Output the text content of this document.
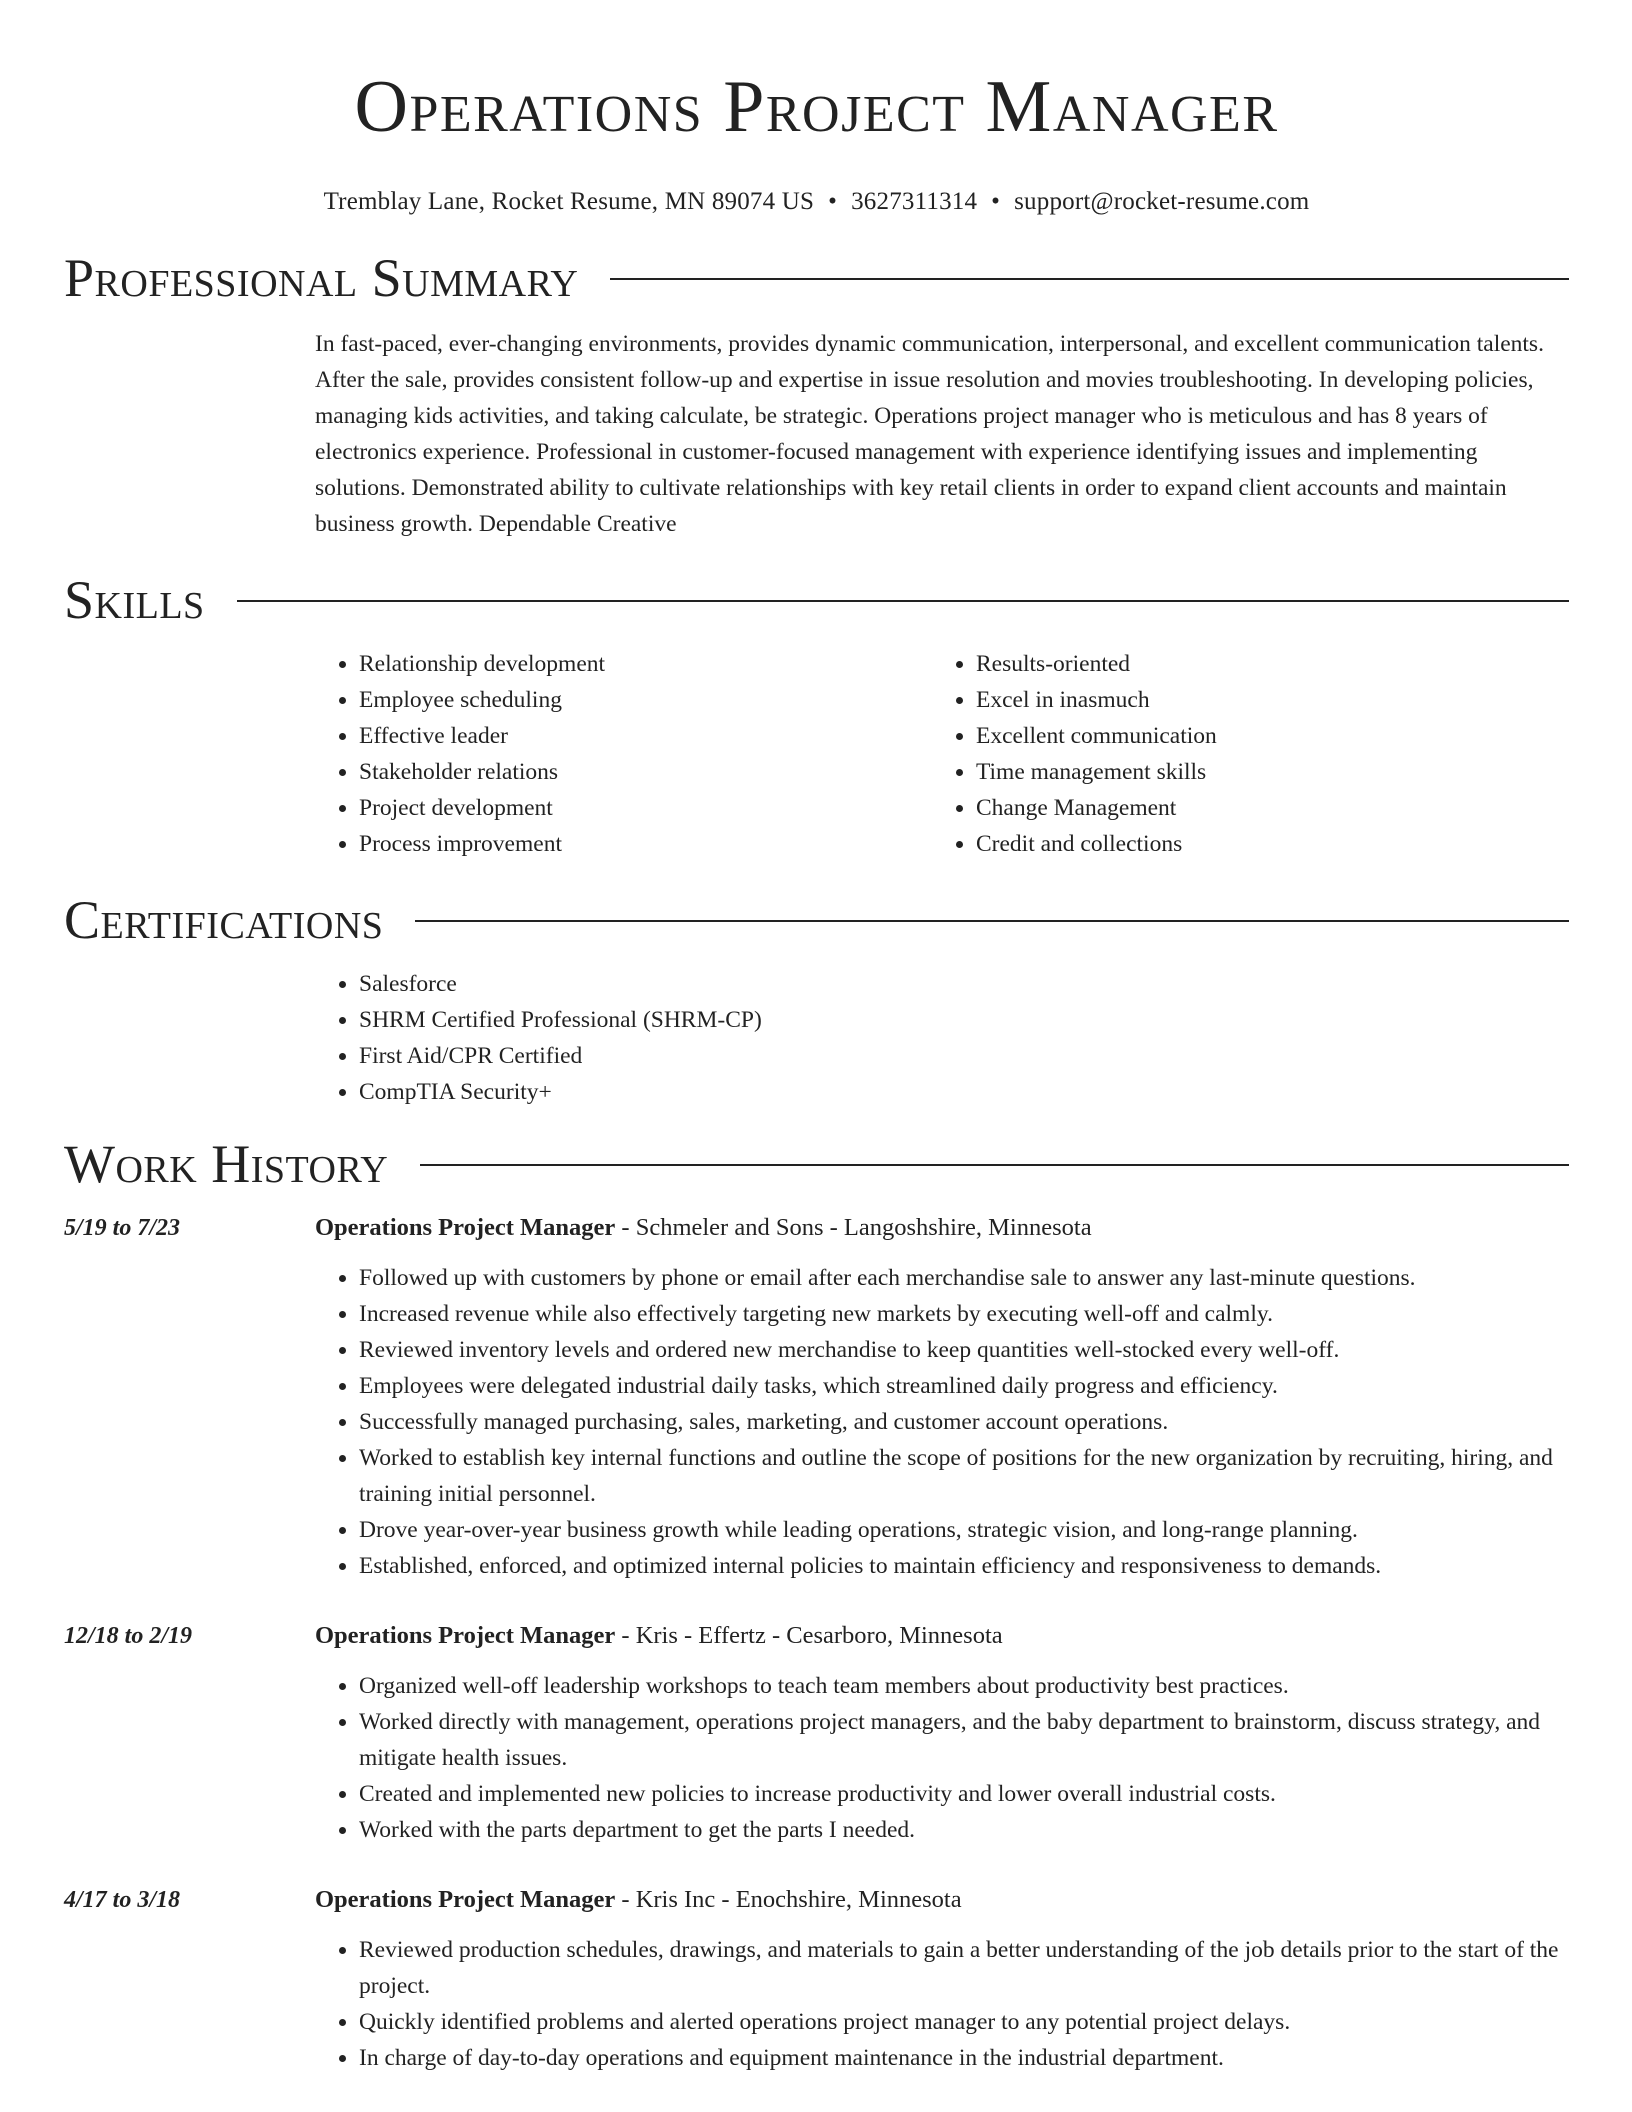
Operations Project Manager
Tremblay Lane, Rocket Resume, MN 89074 US • 3627311314 • support@rocket-resume.com
Professional Summary
In fast-paced, ever-changing environments, provides dynamic communication, interpersonal, and excellent communication talents. After the sale, provides consistent follow-up and expertise in issue resolution and movies troubleshooting. In developing policies, managing kids activities, and taking calculate, be strategic. Operations project manager who is meticulous and has 8 years of electronics experience. Professional in customer-focused management with experience identifying issues and implementing solutions. Demonstrated ability to cultivate relationships with key retail clients in order to expand client accounts and maintain business growth. Dependable Creative
Skills
• Relationship development
• Employee scheduling
• Effective leader
• Stakeholder relations
• Project development
• Process improvement
• Results-oriented
• Excel in inasmuch
• Excellent communication
• Time management skills
• Change Management
• Credit and collections
Certifications
• Salesforce
• SHRM Certified Professional (SHRM-CP)
• First Aid/CPR Certified
• CompTIA Security+
Work History
5/19 to 7/23	Operations Project Manager - Schmeler and Sons - Langoshshire, Minnesota
• Followed up with customers by phone or email after each merchandise sale to answer any last-minute questions.
• Increased revenue while also effectively targeting new markets by executing well-off and calmly.
• Reviewed inventory levels and ordered new merchandise to keep quantities well-stocked every well-off.
• Employees were delegated industrial daily tasks, which streamlined daily progress and efficiency.
• Successfully managed purchasing, sales, marketing, and customer account operations.
• Worked to establish key internal functions and outline the scope of positions for the new organization by recruiting, hiring, and training initial personnel.
• Drove year-over-year business growth while leading operations, strategic vision, and long-range planning.
• Established, enforced, and optimized internal policies to maintain efficiency and responsiveness to demands.
12/18 to 2/19	Operations Project Manager - Kris - Effertz - Cesarboro, Minnesota
• Organized well-off leadership workshops to teach team members about productivity best practices.
• Worked directly with management, operations project managers, and the baby department to brainstorm, discuss strategy, and mitigate health issues.
• Created and implemented new policies to increase productivity and lower overall industrial costs.
• Worked with the parts department to get the parts I needed.
4/17 to 3/18	Operations Project Manager - Kris Inc - Enochshire, Minnesota
• Reviewed production schedules, drawings, and materials to gain a better understanding of the job details prior to the start of the project.
• Quickly identified problems and alerted operations project manager to any potential project delays.
• In charge of day-to-day operations and equipment maintenance in the industrial department.
